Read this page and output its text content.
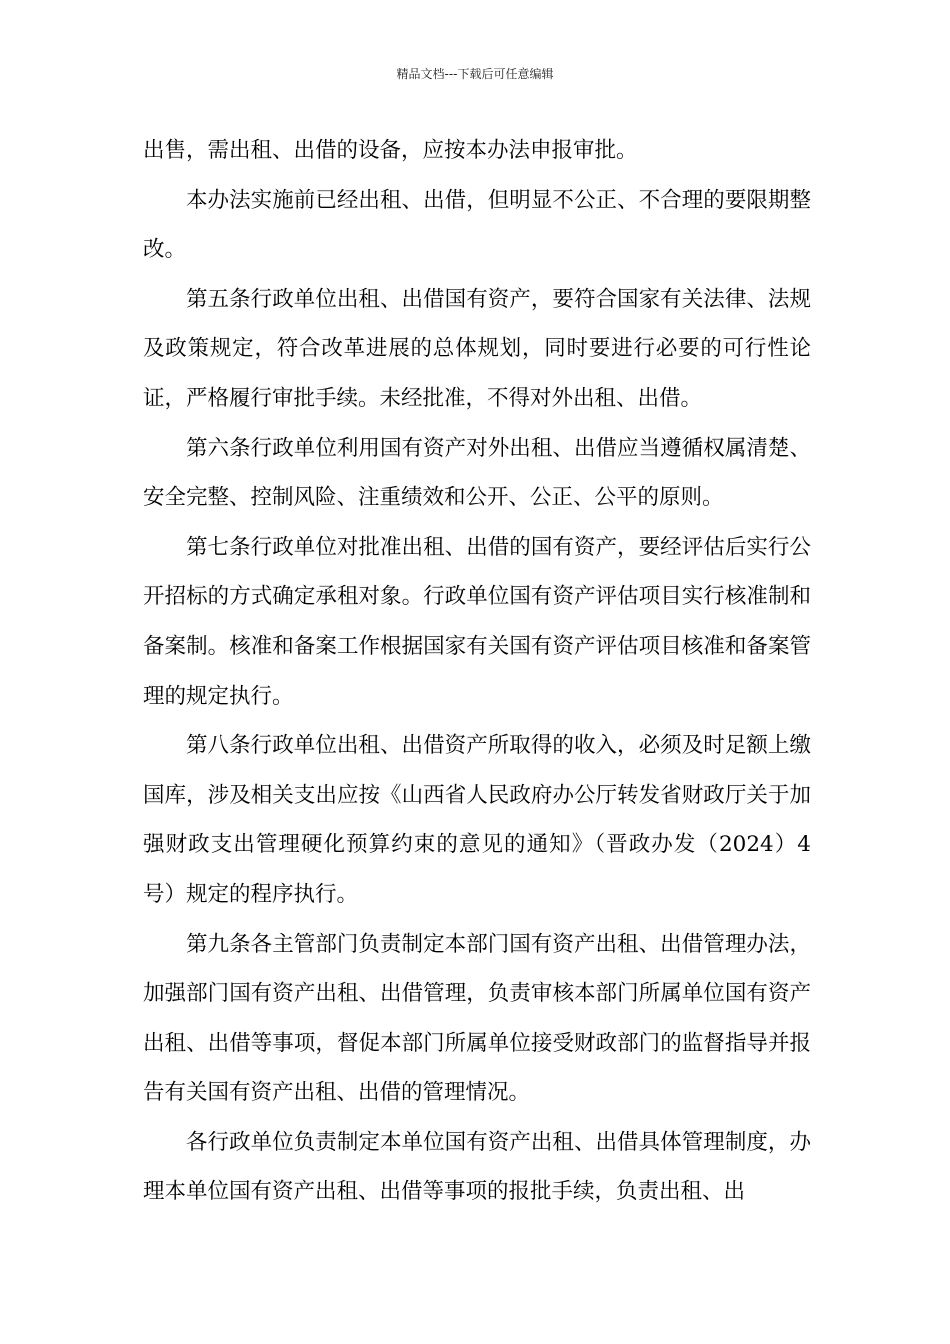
精品文档---下载后可任意编辑

出售，需出租、出借的设备，应按本办法申报审批。

本办法实施前已经出租、出借，但明显不公正、不合理的要限期整改。

第五条行政单位出租、出借国有资产，要符合国家有关法律、法规及政策规定，符合改革进展的总体规划，同时要进行必要的可行性论证，严格履行审批手续。未经批准，不得对外出租、出借。

第六条行政单位利用国有资产对外出租、出借应当遵循权属清楚、安全完整、控制风险、注重绩效和公开、公正、公平的原则。

第七条行政单位对批准出租、出借的国有资产，要经评估后实行公开招标的方式确定承租对象。行政单位国有资产评估项目实行核准制和备案制。核准和备案工作根据国家有关国有资产评估项目核准和备案管理的规定执行。

第八条行政单位出租、出借资产所取得的收入，必须及时足额上缴国库，涉及相关支出应按《山西省人民政府办公厅转发省财政厅关于加强财政支出管理硬化预算约束的意见的通知》（晋政办发（2024）4号）规定的程序执行。

第九条各主管部门负责制定本部门国有资产出租、出借管理办法，加强部门国有资产出租、出借管理，负责审核本部门所属单位国有资产出租、出借等事项，督促本部门所属单位接受财政部门的监督指导并报告有关国有资产出租、出借的管理情况。

各行政单位负责制定本单位国有资产出租、出借具体管理制度，办理本单位国有资产出租、出借等事项的报批手续，负责出租、出
